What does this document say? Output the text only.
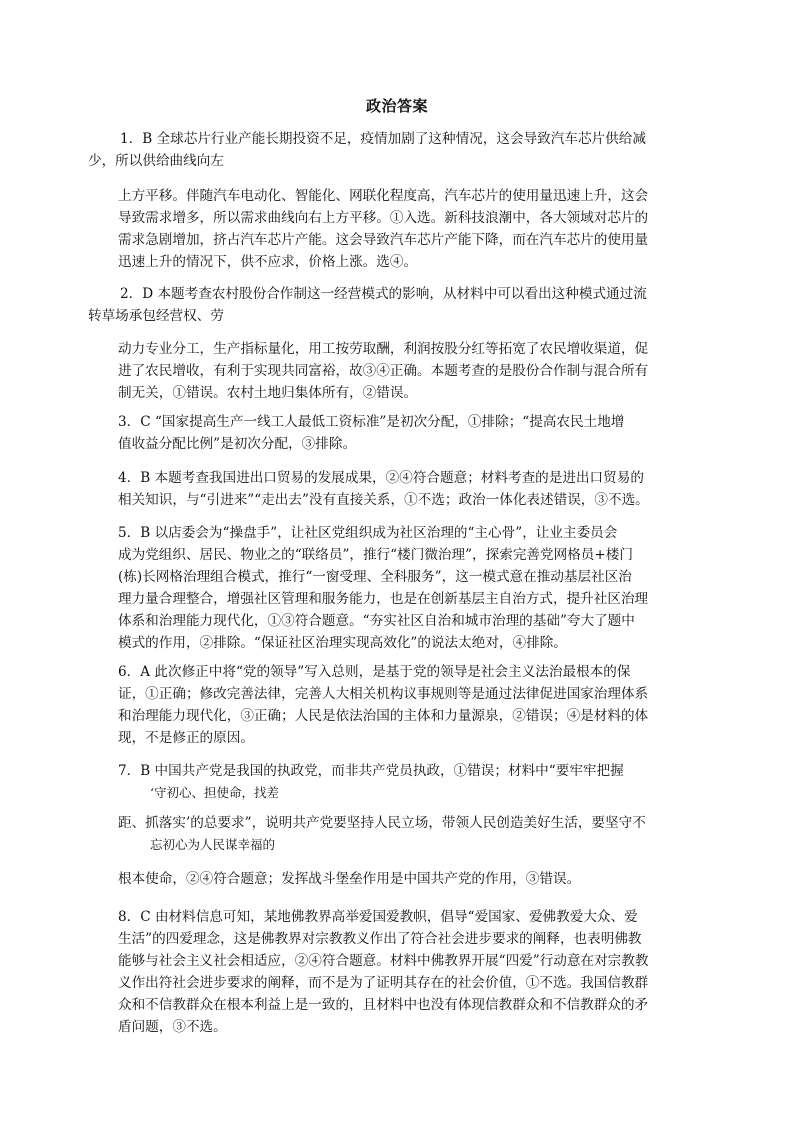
政治答案
1．B 全球芯片行业产能长期投资不足，疫情加剧了这种情况，这会导致汽车芯片供给减
少，所以供给曲线向左
上方平移。伴随汽车电动化、智能化、网联化程度高，汽车芯片的使用量迅速上升，这会
导致需求增多，所以需求曲线向右上方平移。①入选。新科技浪潮中，各大领域对芯片的
需求急剧增加，挤占汽车芯片产能。这会导致汽车芯片产能下降，而在汽车芯片的使用量
迅速上升的情况下，供不应求，价格上涨。选④。
2．D 本题考查农村股份合作制这一经营模式的影响，从材料中可以看出这种模式通过流
转草场承包经营权、劳
动力专业分工，生产指标量化，用工按劳取酬，利润按股分红等拓宽了农民增收渠道，促
进了农民增收，有利于实现共同富裕，故③④正确。本题考查的是股份合作制与混合所有
制无关，①错误。农村土地归集体所有，②错误。
3．C “国家提高生产一线工人最低工资标准”是初次分配，①排除；“提高农民土地增
值收益分配比例”是初次分配，③排除。
4．B 本题考查我国进出口贸易的发展成果，②④符合题意；材料考查的是进出口贸易的
相关知识，与“引进来”“走出去”没有直接关系，①不选；政治一体化表述错误，③不选。
5．B 以店委会为“操盘手”，让社区党组织成为社区治理的“主心骨”，让业主委员会
成为党组织、居民、物业之的“联络员”，推行“楼门微治理”，探索完善党网格员+楼门
(栋)长网格治理组合模式，推行“一窗受理、全科服务”，这一模式意在推动基层社区治
理力量合理整合，增强社区管理和服务能力，也是在创新基层主自治方式，提升社区治理
体系和治理能力现代化，①③符合题意。“夯实社区自治和城市治理的基础”夸大了题中
模式的作用，②排除。“保证社区治理实现高效化”的说法太绝对，④排除。
6．A 此次修正中将“党的领导”写入总则，是基于党的领导是社会主义法治最根本的保
证，①正确；修改完善法律，完善人大相关机构议事规则等是通过法律促进国家治理体系
和治理能力现代化，③正确；人民是依法治国的主体和力量源泉，②错误；④是材料的体
现，不是修正的原因。
7．B 中国共产党是我国的执政党，而非共产党员执政，①错误；材料中“要牢牢把握
‘守初心、担使命，找差
距、抓落实’的总要求”，说明共产党要坚持人民立场，带领人民创造美好生活，要坚守不
忘初心为人民谋幸福的
根本使命，②④符合题意；发挥战斗堡垒作用是中国共产党的作用，③错误。
8．C 由材料信息可知，某地佛教界高举爱国爱教帜，倡导“爱国家、爱佛教爱大众、爱
生活”的四爱理念，这是佛教界对宗教教义作出了符合社会进步要求的阐释，也表明佛教
能够与社会主义社会相适应，②④符合题意。材料中佛教界开展“四爱”行动意在对宗教教
义作出符社会进步要求的阐释，而不是为了证明其存在的社会价值，①不选。我国信教群
众和不信教群众在根本利益上是一致的，且材料中也没有体现信教群众和不信教群众的矛
盾问题，③不选。
